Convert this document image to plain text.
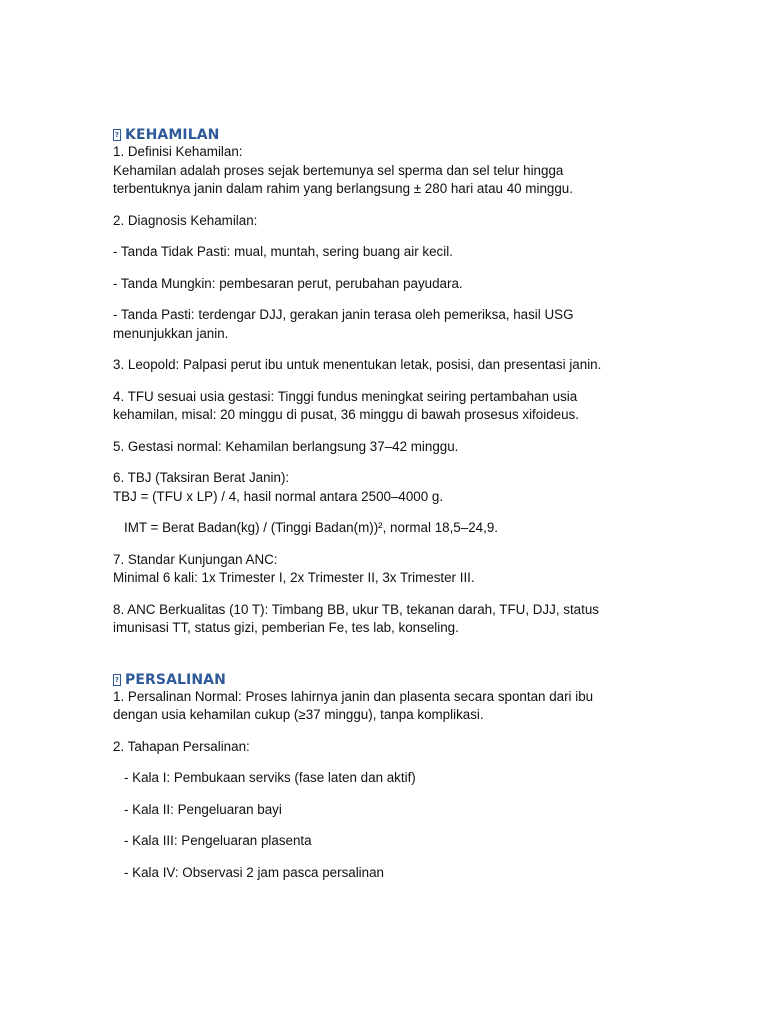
? KEHAMILAN
1. Definisi Kehamilan:
Kehamilan adalah proses sejak bertemunya sel sperma dan sel telur hingga terbentuknya janin dalam rahim yang berlangsung ± 280 hari atau 40 minggu.
2. Diagnosis Kehamilan:
- Tanda Tidak Pasti: mual, muntah, sering buang air kecil.
- Tanda Mungkin: pembesaran perut, perubahan payudara.
- Tanda Pasti: terdengar DJJ, gerakan janin terasa oleh pemeriksa, hasil USG menunjukkan janin.
3. Leopold: Palpasi perut ibu untuk menentukan letak, posisi, dan presentasi janin.
4. TFU sesuai usia gestasi: Tinggi fundus meningkat seiring pertambahan usia kehamilan, misal: 20 minggu di pusat, 36 minggu di bawah prosesus xifoideus.
5. Gestasi normal: Kehamilan berlangsung 37–42 minggu.
6. TBJ (Taksiran Berat Janin):
TBJ = (TFU x LP) / 4, hasil normal antara 2500–4000 g.
IMT = Berat Badan(kg) / (Tinggi Badan(m))², normal 18,5–24,9.
7. Standar Kunjungan ANC:
Minimal 6 kali: 1x Trimester I, 2x Trimester II, 3x Trimester III.
8. ANC Berkualitas (10 T): Timbang BB, ukur TB, tekanan darah, TFU, DJJ, status imunisasi TT, status gizi, pemberian Fe, tes lab, konseling.
? PERSALINAN
1. Persalinan Normal: Proses lahirnya janin dan plasenta secara spontan dari ibu dengan usia kehamilan cukup (≥37 minggu), tanpa komplikasi.
2. Tahapan Persalinan:
- Kala I: Pembukaan serviks (fase laten dan aktif)
- Kala II: Pengeluaran bayi
- Kala III: Pengeluaran plasenta
- Kala IV: Observasi 2 jam pasca persalinan
